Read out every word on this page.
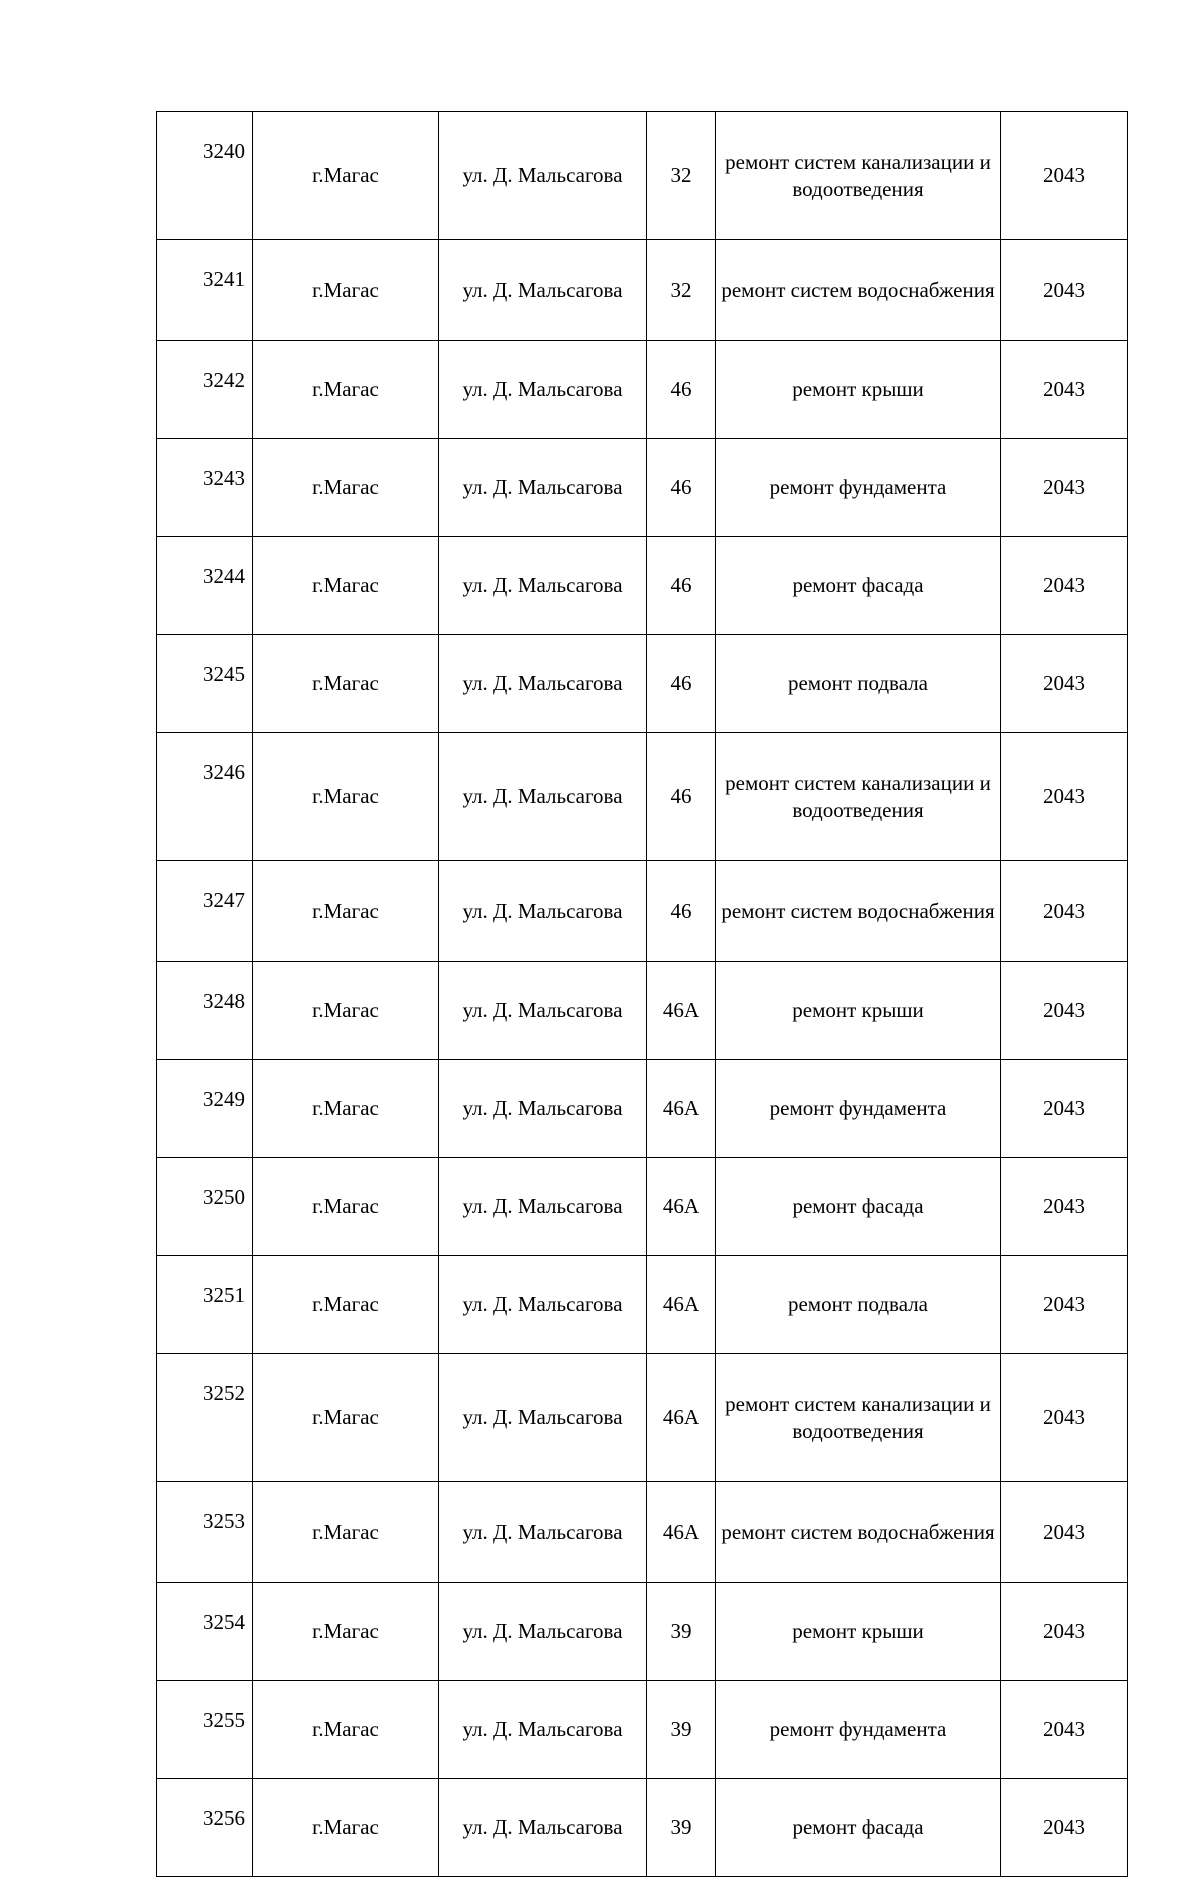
3240	г.Магас	ул. Д. Мальсагова	32	ремонт систем канализации и водоотведения	2043
3241	г.Магас	ул. Д. Мальсагова	32	ремонт систем водоснабжения	2043
3242	г.Магас	ул. Д. Мальсагова	46	ремонт крыши	2043
3243	г.Магас	ул. Д. Мальсагова	46	ремонт фундамента	2043
3244	г.Магас	ул. Д. Мальсагова	46	ремонт фасада	2043
3245	г.Магас	ул. Д. Мальсагова	46	ремонт подвала	2043
3246	г.Магас	ул. Д. Мальсагова	46	ремонт систем канализации и водоотведения	2043
3247	г.Магас	ул. Д. Мальсагова	46	ремонт систем водоснабжения	2043
3248	г.Магас	ул. Д. Мальсагова	46А	ремонт крыши	2043
3249	г.Магас	ул. Д. Мальсагова	46А	ремонт фундамента	2043
3250	г.Магас	ул. Д. Мальсагова	46А	ремонт фасада	2043
3251	г.Магас	ул. Д. Мальсагова	46А	ремонт подвала	2043
3252	г.Магас	ул. Д. Мальсагова	46А	ремонт систем канализации и водоотведения	2043
3253	г.Магас	ул. Д. Мальсагова	46А	ремонт систем водоснабжения	2043
3254	г.Магас	ул. Д. Мальсагова	39	ремонт крыши	2043
3255	г.Магас	ул. Д. Мальсагова	39	ремонт фундамента	2043
3256	г.Магас	ул. Д. Мальсагова	39	ремонт фасада	2043
